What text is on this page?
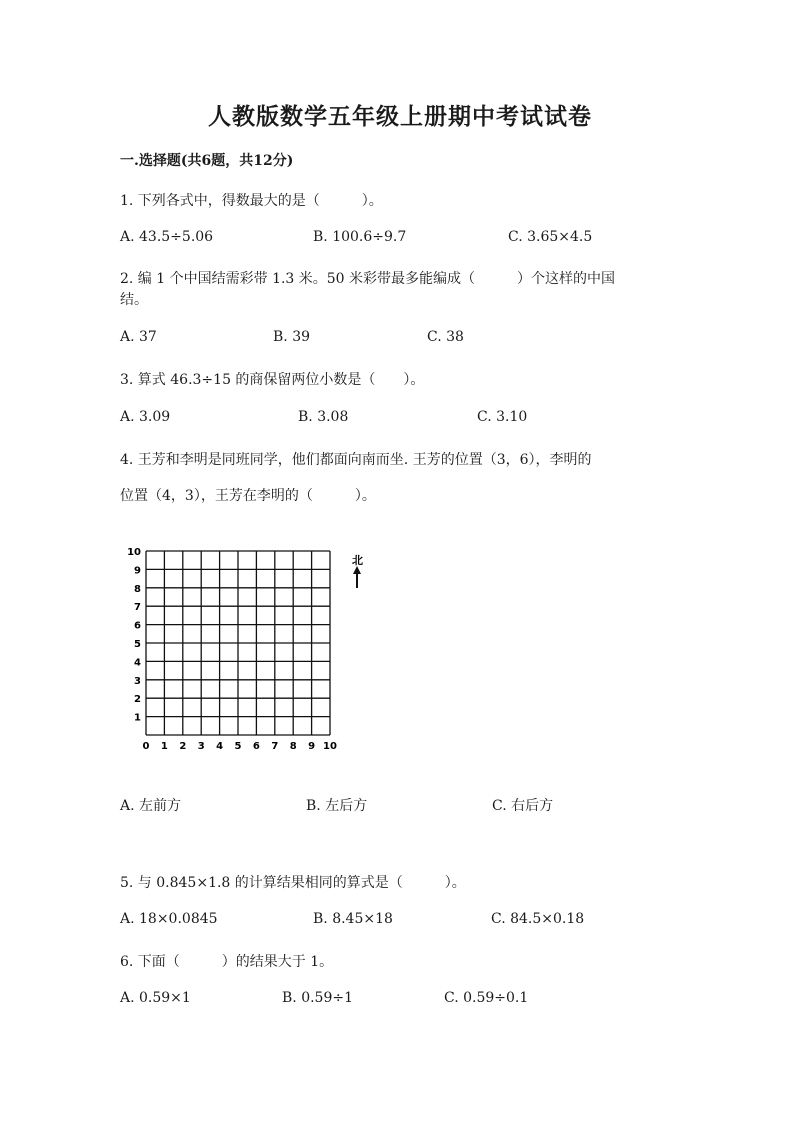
人教版数学五年级上册期中考试试卷
一.选择题(共6题，共12分)
1. 下列各式中，得数最大的是（　　　）。
A. 43.5÷5.06	B. 100.6÷9.7	C. 3.65×4.5
2. 编 1 个中国结需彩带 1.3 米。50 米彩带最多能编成（　　　）个这样的中国
结。
A. 37	B. 39	C. 38
3. 算式 46.3÷15 的商保留两位小数是（　　）。
A. 3.09	B. 3.08	C. 3.10
4. 王芳和李明是同班同学，他们都面向南而坐. 王芳的位置（3，6），李明的
位置（4，3），王芳在李明的（　　　）。
0 1 2 3 4 5 6 7 8 9 10
1
2
3
4
5
6
7
8
9
10
北
A. 左前方	B. 左后方	C. 右后方
5. 与 0.845×1.8 的计算结果相同的算式是（　　　）。
A. 18×0.0845	B. 8.45×18	C. 84.5×0.18
6. 下面（　　　）的结果大于 1。
A. 0.59×1	B. 0.59÷1	C. 0.59÷0.1
